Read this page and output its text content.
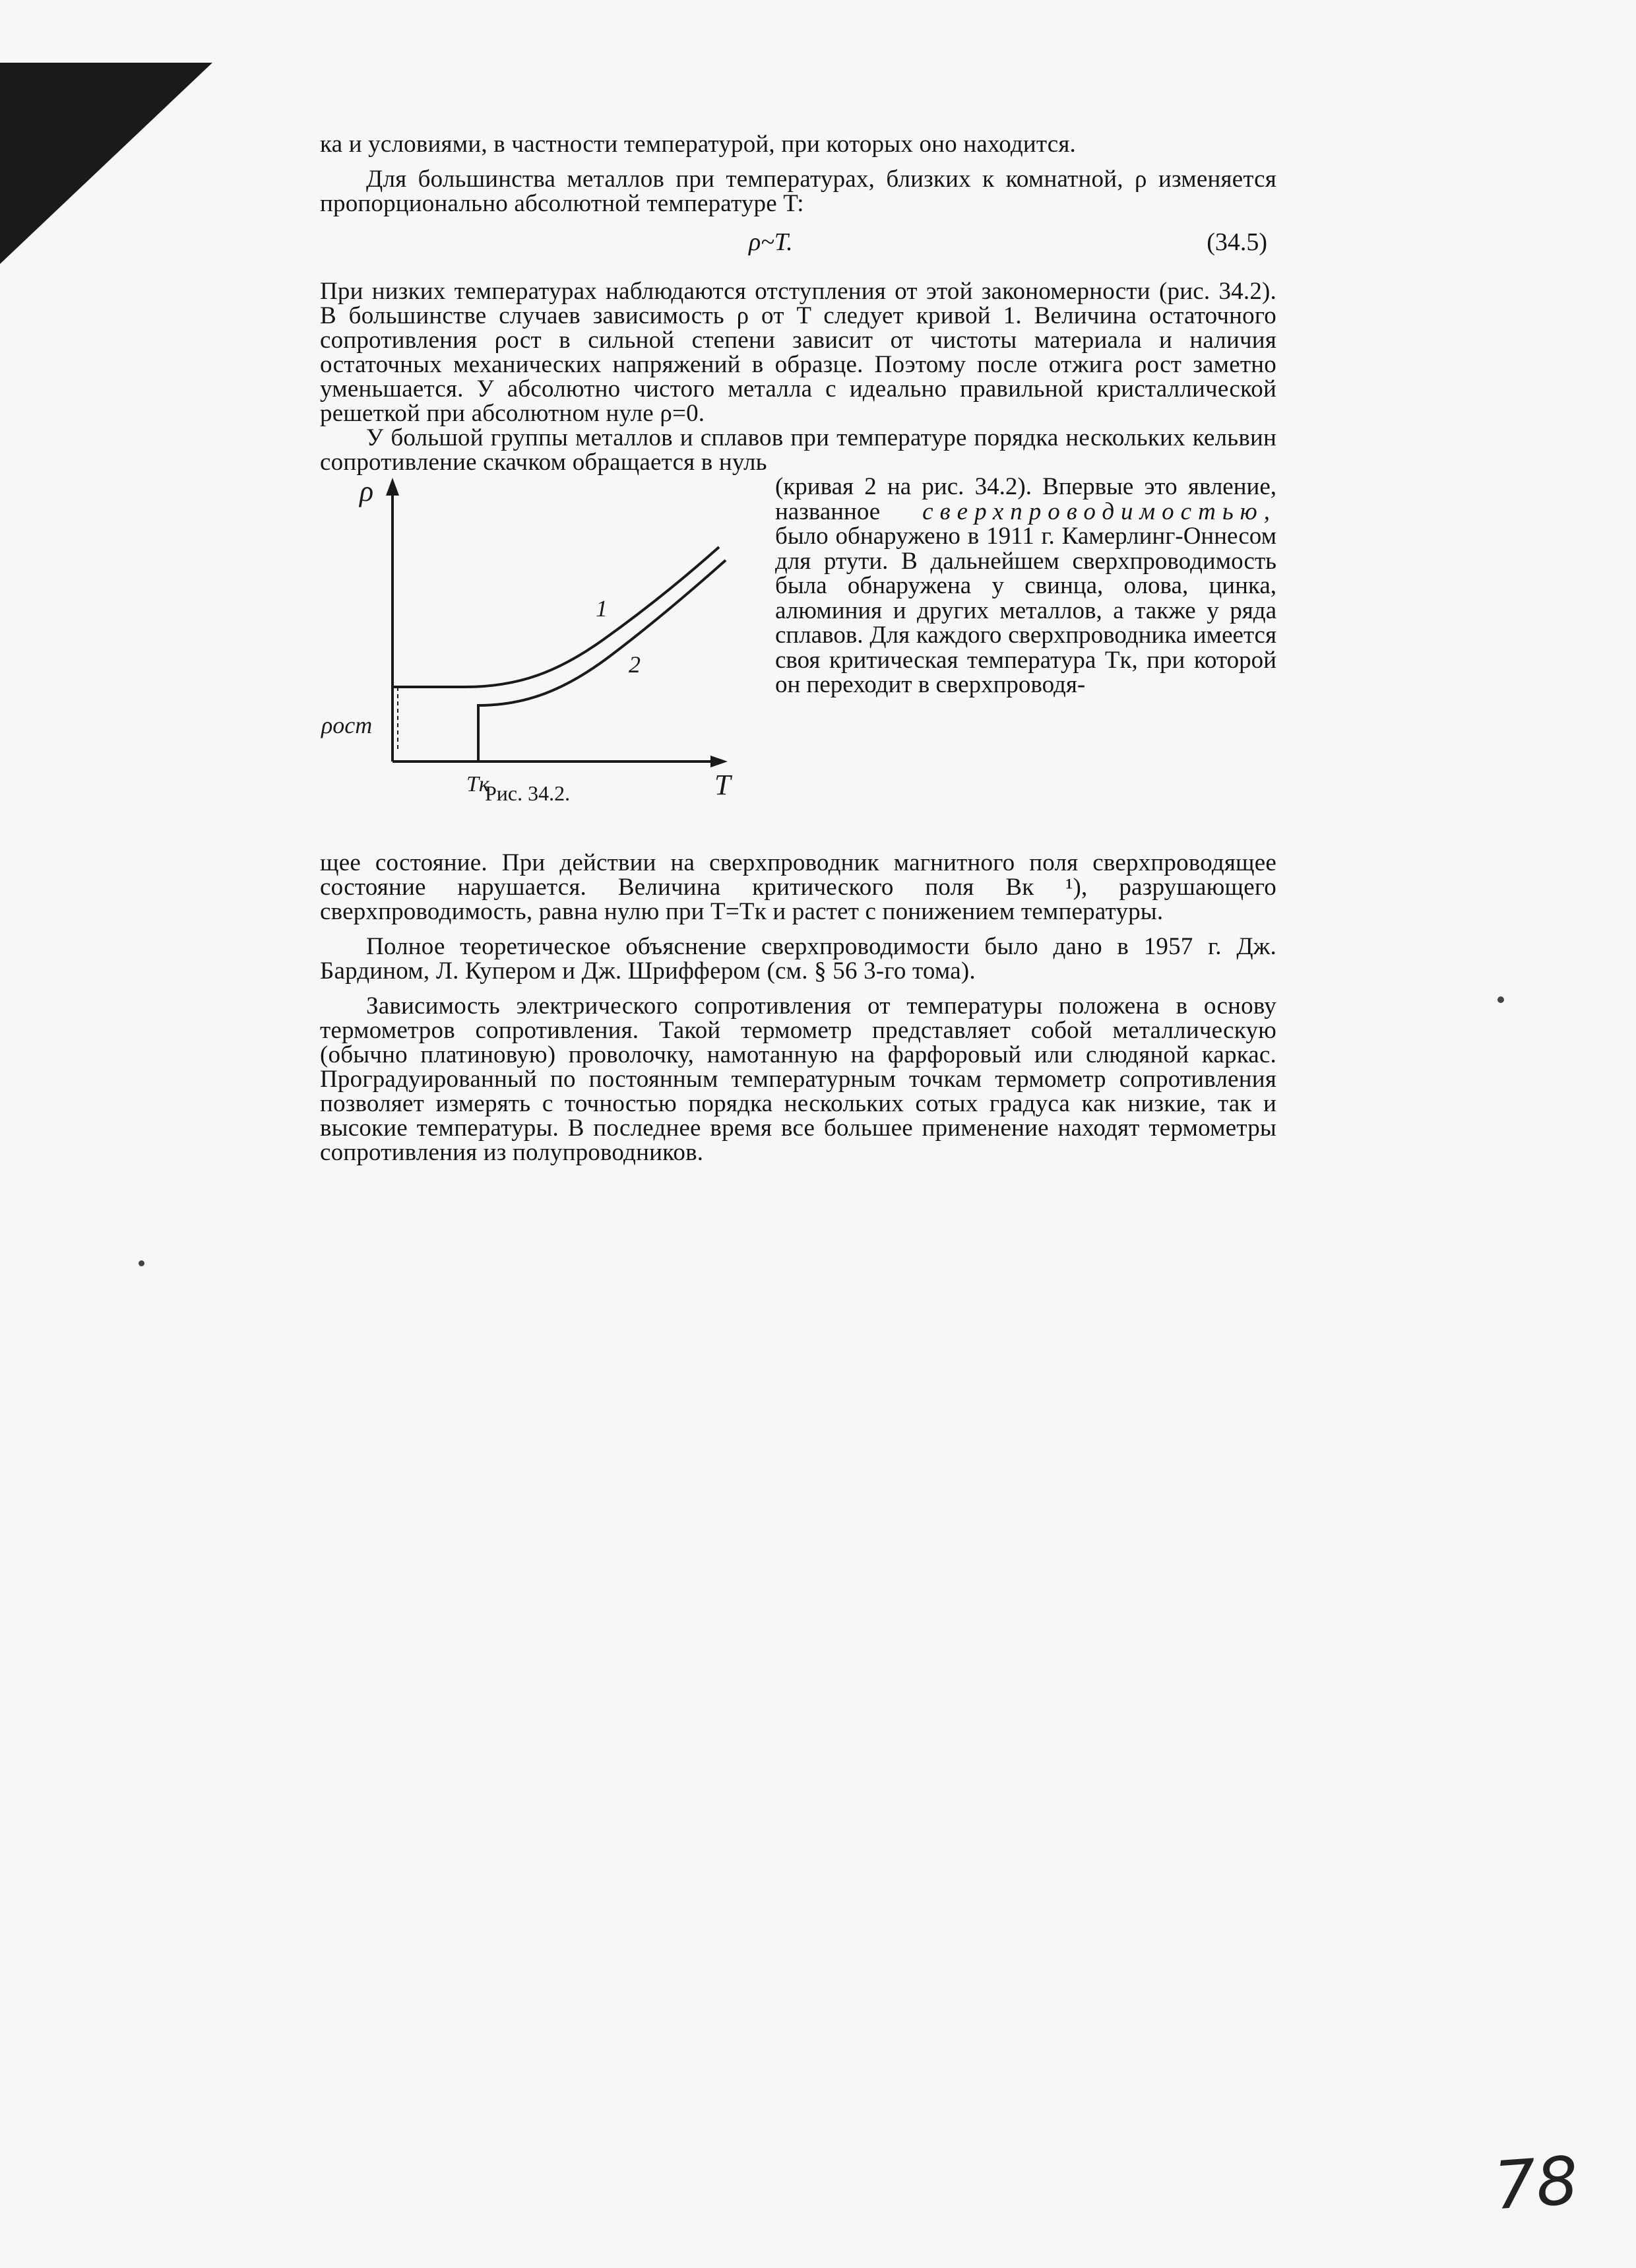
ка и условиями, в частности температурой, при которых оно находится.

Для большинства металлов при температурах, близких к комнатной, ρ изменяется пропорционально абсолютной температуре T:

ρ~T.	(34.5)

При низких температурах наблюдаются отступления от этой закономерности (рис. 34.2). В большинстве случаев зависимость ρ от T следует кривой 1. Величина остаточного сопротивления ρост в сильной степени зависит от чистоты материала и наличия остаточных механических напряжений в образце. Поэтому после отжига ρост заметно уменьшается. У абсолютно чистого металла с идеально правильной кристаллической решеткой при абсолютном нуле ρ=0.

У большой группы металлов и сплавов при температуре порядка нескольких кельвин сопротивление скачком обращается в нуль

ρ
T
ρост
Tк
1
2
Рис. 34.2.

(кривая 2 на рис. 34.2). Впервые это явление, названное сверхпроводимостью, было обнаружено в 1911 г. Камерлинг-Оннесом для ртути. В дальнейшем сверхпроводимость была обнаружена у свинца, олова, цинка, алюминия и других металлов, а также у ряда сплавов. Для каждого сверхпроводника имеется своя критическая температура Tк, при которой он переходит в сверхпроводя-

щее состояние. При действии на сверхпроводник магнитного поля сверхпроводящее состояние нарушается. Величина критического поля Bк ¹), разрушающего сверхпроводимость, равна нулю при T=Tк и растет с понижением температуры.

Полное теоретическое объяснение сверхпроводимости было дано в 1957 г. Дж. Бардином, Л. Купером и Дж. Шриффером (см. § 56 3-го тома).

Зависимость электрического сопротивления от температуры положена в основу термометров сопротивления. Такой термометр представляет собой металлическую (обычно платиновую) проволочку, намотанную на фарфоровый или слюдяной каркас. Проградуированный по постоянным температурным точкам термометр сопротивления позволяет измерять с точностью порядка нескольких сотых градуса как низкие, так и высокие температуры. В последнее время все большее применение находят термометры сопротивления из полупроводников.

78
